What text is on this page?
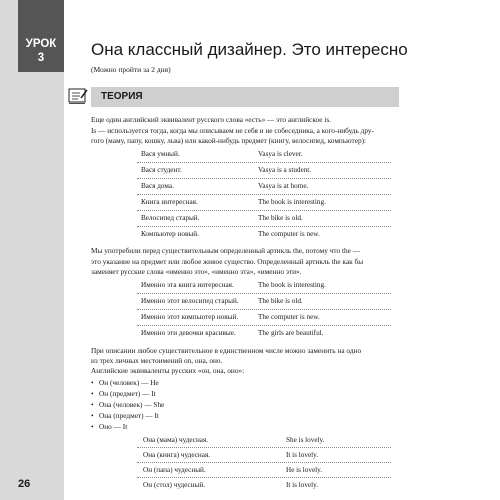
УРОК
3
26
Она классный дизайнер. Это интересно
(Можно пройти за 2 дня)
ТЕОРИЯ
Еще один английский эквивалент русского слова «есть» — это английское is.
Is — используется тогда, когда мы описываем не себя и не собеседника, а кого-нибудь дру-
гого (маму, папу, кошку, льва) или какой-нибудь предмет (книгу, велосипед, компьютер):
Вася умный.	Vasya is clever.
Вася студент.	Vasya is a student.
Вася дома.	Vasya is at home.
Книга интересная.	The book is interesting.
Велосипед старый.	The bike is old.
Компьютер новый.	The computer is new.
Мы употребили перед существительным определенный артикль the, потому что the —
это указание на предмет или любое живое существо. Определенный артикль the как бы
заменяет русские слова «именно это», «именно эта», «именно эти».
Именно эта книга интересная.	The book is interesting.
Именно этот велосипед старый.	The bike is old.
Именно этот компьютер новый.	The computer is new.
Именно эти девочки красивые.	The girls are beautiful.
При описании любое существительное в единственном числе можно заменить на одно
из трех личных местоимений on, она, оно.
Английские эквиваленты русских «он, она, оно»:
• Он (человек) — He
• Он (предмет) — It
• Она (человек) — She
• Она (предмет) — It
• Оно — It
Она (мама) чудесная.	She is lovely.
Она (книга) чудесная.	It is lovely.
Он (папа) чудесный.	He is lovely.
Он (стол) чудесный.	It is lovely.
